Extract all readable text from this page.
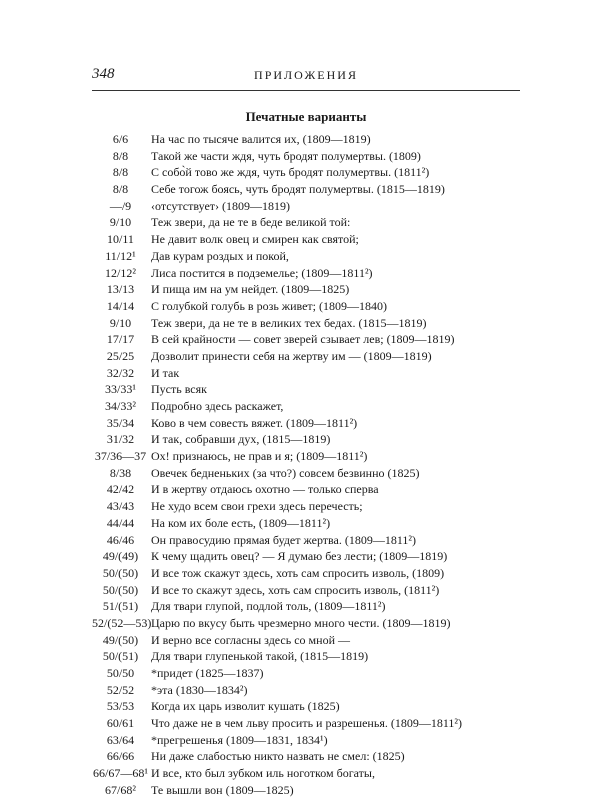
348	ПРИЛОЖЕНИЯ
Печатные варианты
6/6	На час по тысяче валится их, (1809—1819)
8/8	Такой же части ждя, чуть бродят полумертвы. (1809)
8/8	С собо̀й тово же ждя, чуть бродят полумертвы. (1811²)
8/8	Себе тогож боясь, чуть бродят полумертвы. (1815—1819)
—/9	‹отсутствует› (1809—1819)
9/10	Теж звери, да не те в беде великой той:
10/11	Не давит волк овец и смирен как святой;
11/12¹	Дав курам роздых и покой,
12/12²	Лиса постится в подземелье; (1809—1811²)
13/13	И пища им на ум нейдет. (1809—1825)
14/14	С голубкой голубь в розь живет; (1809—1840)
9/10	Теж звери, да не те в великих тех бедах. (1815—1819)
17/17	В сей крайности — совет зверей сзывает лев; (1809—1819)
25/25	Дозволит принести себя на жертву им — (1809—1819)
32/32	И так
33/33¹	Пусть всяк
34/33²	Подробно здесь раскажет,
35/34	Ково в чем совесть вяжет. (1809—1811²)
31/32	И так, собравши дух, (1815—1819)
37/36—37 Ох! признаюсь, не прав и я; (1809—1811²)
8/38	Овечек бедненьких (за что?) совсем безвинно (1825)
42/42	И в жертву отдаюсь охотно — только сперва
43/43	Не худо всем свои грехи здесь перечесть;
44/44	На ком их боле есть, (1809—1811²)
46/46	Он правосудию прямая будет жертва. (1809—1811²)
49/(49)	К чему щадить овец? — Я думаю без лести; (1809—1819)
50/(50)	И все тож скажут здесь, хоть сам спросить изволь, (1809)
50/(50)	И все то скажут здесь, хоть сам спросить изволь, (1811²)
51/(51)	Для твари глупой, подлой толь, (1809—1811²)
52/(52—53) Царю по вкусу быть чрезмерно много чести. (1809—1819)
49/(50)	И верно все согласны здесь со мной —
50/(51)	Для твари глупенькой такой, (1815—1819)
50/50	*придет (1825—1837)
52/52	*эта (1830—1834²)
53/53	Когда их царь изволит кушать (1825)
60/61	Что даже не в чем льву просить и разрешенья. (1809—1811²)
63/64	*прегрешенья (1809—1831, 1834¹)
66/66	Ни даже слабостью никто назвать не смел: (1825)
66/67—68¹ И все, кто был зубком иль ноготком богаты,
67/68²	Те вышли вон (1809—1825)
